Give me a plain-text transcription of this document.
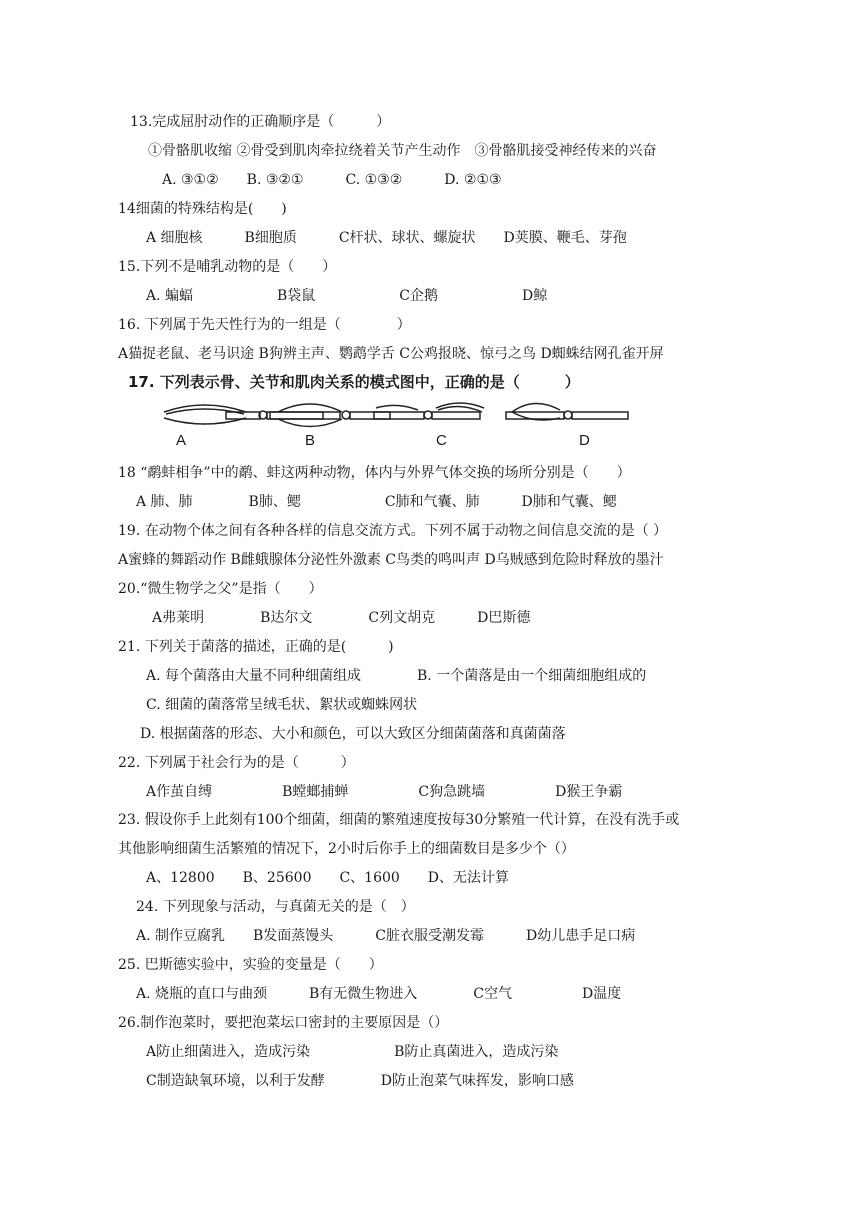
13.完成屈肘动作的正确顺序是（　　　）
①骨骼肌收缩 ②骨受到肌肉牵拉绕着关节产生动作　③骨骼肌接受神经传来的兴奋
A. ③①②　　B. ③②①　　　C. ①③②　　　D. ②①③
14细菌的特殊结构是(　　)
A 细胞核　　　B细胞质　　　C杆状、球状、螺旋状　　D荚膜、鞭毛、芽孢
15.下列不是哺乳动物的是（　　）
A. 蝙蝠　　　　　　B袋鼠　　　　　　C企鹅　　　　　　D鲸
16. 下列属于先天性行为的一组是（　　　　）
A猫捉老鼠、老马识途 B狗辨主声、鹦鹉学舌 C公鸡报晓、惊弓之鸟 D蜘蛛结网孔雀开屏
17. 下列表示骨、关节和肌肉关系的模式图中，正确的是（　　　）
A	B	C	D
18 “鹬蚌相争”中的鹬、蚌这两种动物，体内与外界气体交换的场所分别是（　　）
A 肺、肺　　　　B肺、鳃　　　　　　C肺和气囊、肺　　　D肺和气囊、鳃
19. 在动物个体之间有各种各样的信息交流方式。下列不属于动物之间信息交流的是（ ）
A蜜蜂的舞蹈动作 B雌蛾腺体分泌性外激素 C鸟类的鸣叫声 D乌贼感到危险时释放的墨汁
20.“微生物学之父”是指（　　）
A弗莱明　　　　B达尔文　　　　C列文胡克　　　D巴斯德
21. 下列关于菌落的描述，正确的是(　　　)
A. 每个菌落由大量不同种细菌组成　　　　B. 一个菌落是由一个细菌细胞组成的
C. 细菌的菌落常呈绒毛状、絮状或蜘蛛网状
D. 根据菌落的形态、大小和颜色，可以大致区分细菌菌落和真菌菌落
22. 下列属于社会行为的是（　　　）
A作茧自缚　　　　　B螳螂捕蝉　　　　　C狗急跳墙　　　　　D猴王争霸
23. 假设你手上此刻有100个细菌，细菌的繁殖速度按每30分繁殖一代计算，在没有洗手或
其他影响细菌生活繁殖的情况下，2小时后你手上的细菌数目是多少个（）
A、12800　　B、25600　　C、1600　　D、无法计算
24. 下列现象与活动，与真菌无关的是（　）
A. 制作豆腐乳　　B发面蒸馒头　　　C脏衣服受潮发霉　　　D幼儿患手足口病
25. 巴斯德实验中，实验的变量是（　　）
A. 烧瓶的直口与曲颈　　　B有无微生物进入　　　　C空气　　　　　D温度
26.制作泡菜时，要把泡菜坛口密封的主要原因是（）
A防止细菌进入，造成污染　　　　　　B防止真菌进入，造成污染
C制造缺氧环境，以利于发酵　　　　D防止泡菜气味挥发，影响口感
